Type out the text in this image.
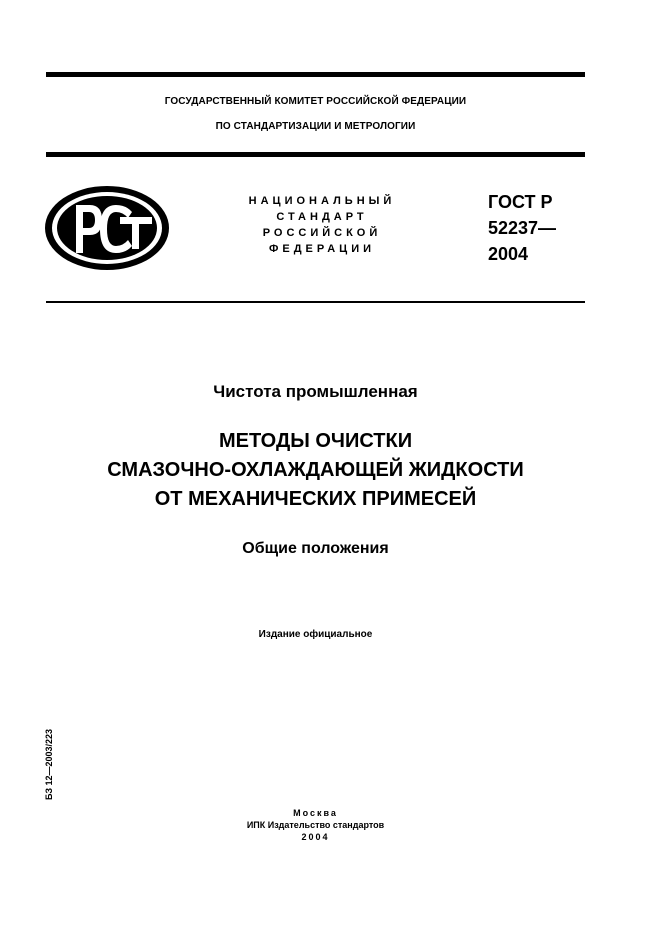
ГОСУДАРСТВЕННЫЙ КОМИТЕТ РОССИЙСКОЙ ФЕДЕРАЦИИ
ПО СТАНДАРТИЗАЦИИ И МЕТРОЛОГИИ
НАЦИОНАЛЬНЫЙ
СТАНДАРТ
РОССИЙСКОЙ
ФЕДЕРАЦИИ
ГОСТ Р
52237—
2004
Чистота промышленная
МЕТОДЫ ОЧИСТКИ
СМАЗОЧНО-ОХЛАЖДАЮЩЕЙ ЖИДКОСТИ
ОТ МЕХАНИЧЕСКИХ ПРИМЕСЕЙ
Общие положения
Издание официальное
БЗ 12—2003/223
Москва
ИПК Издательство стандартов
2004
